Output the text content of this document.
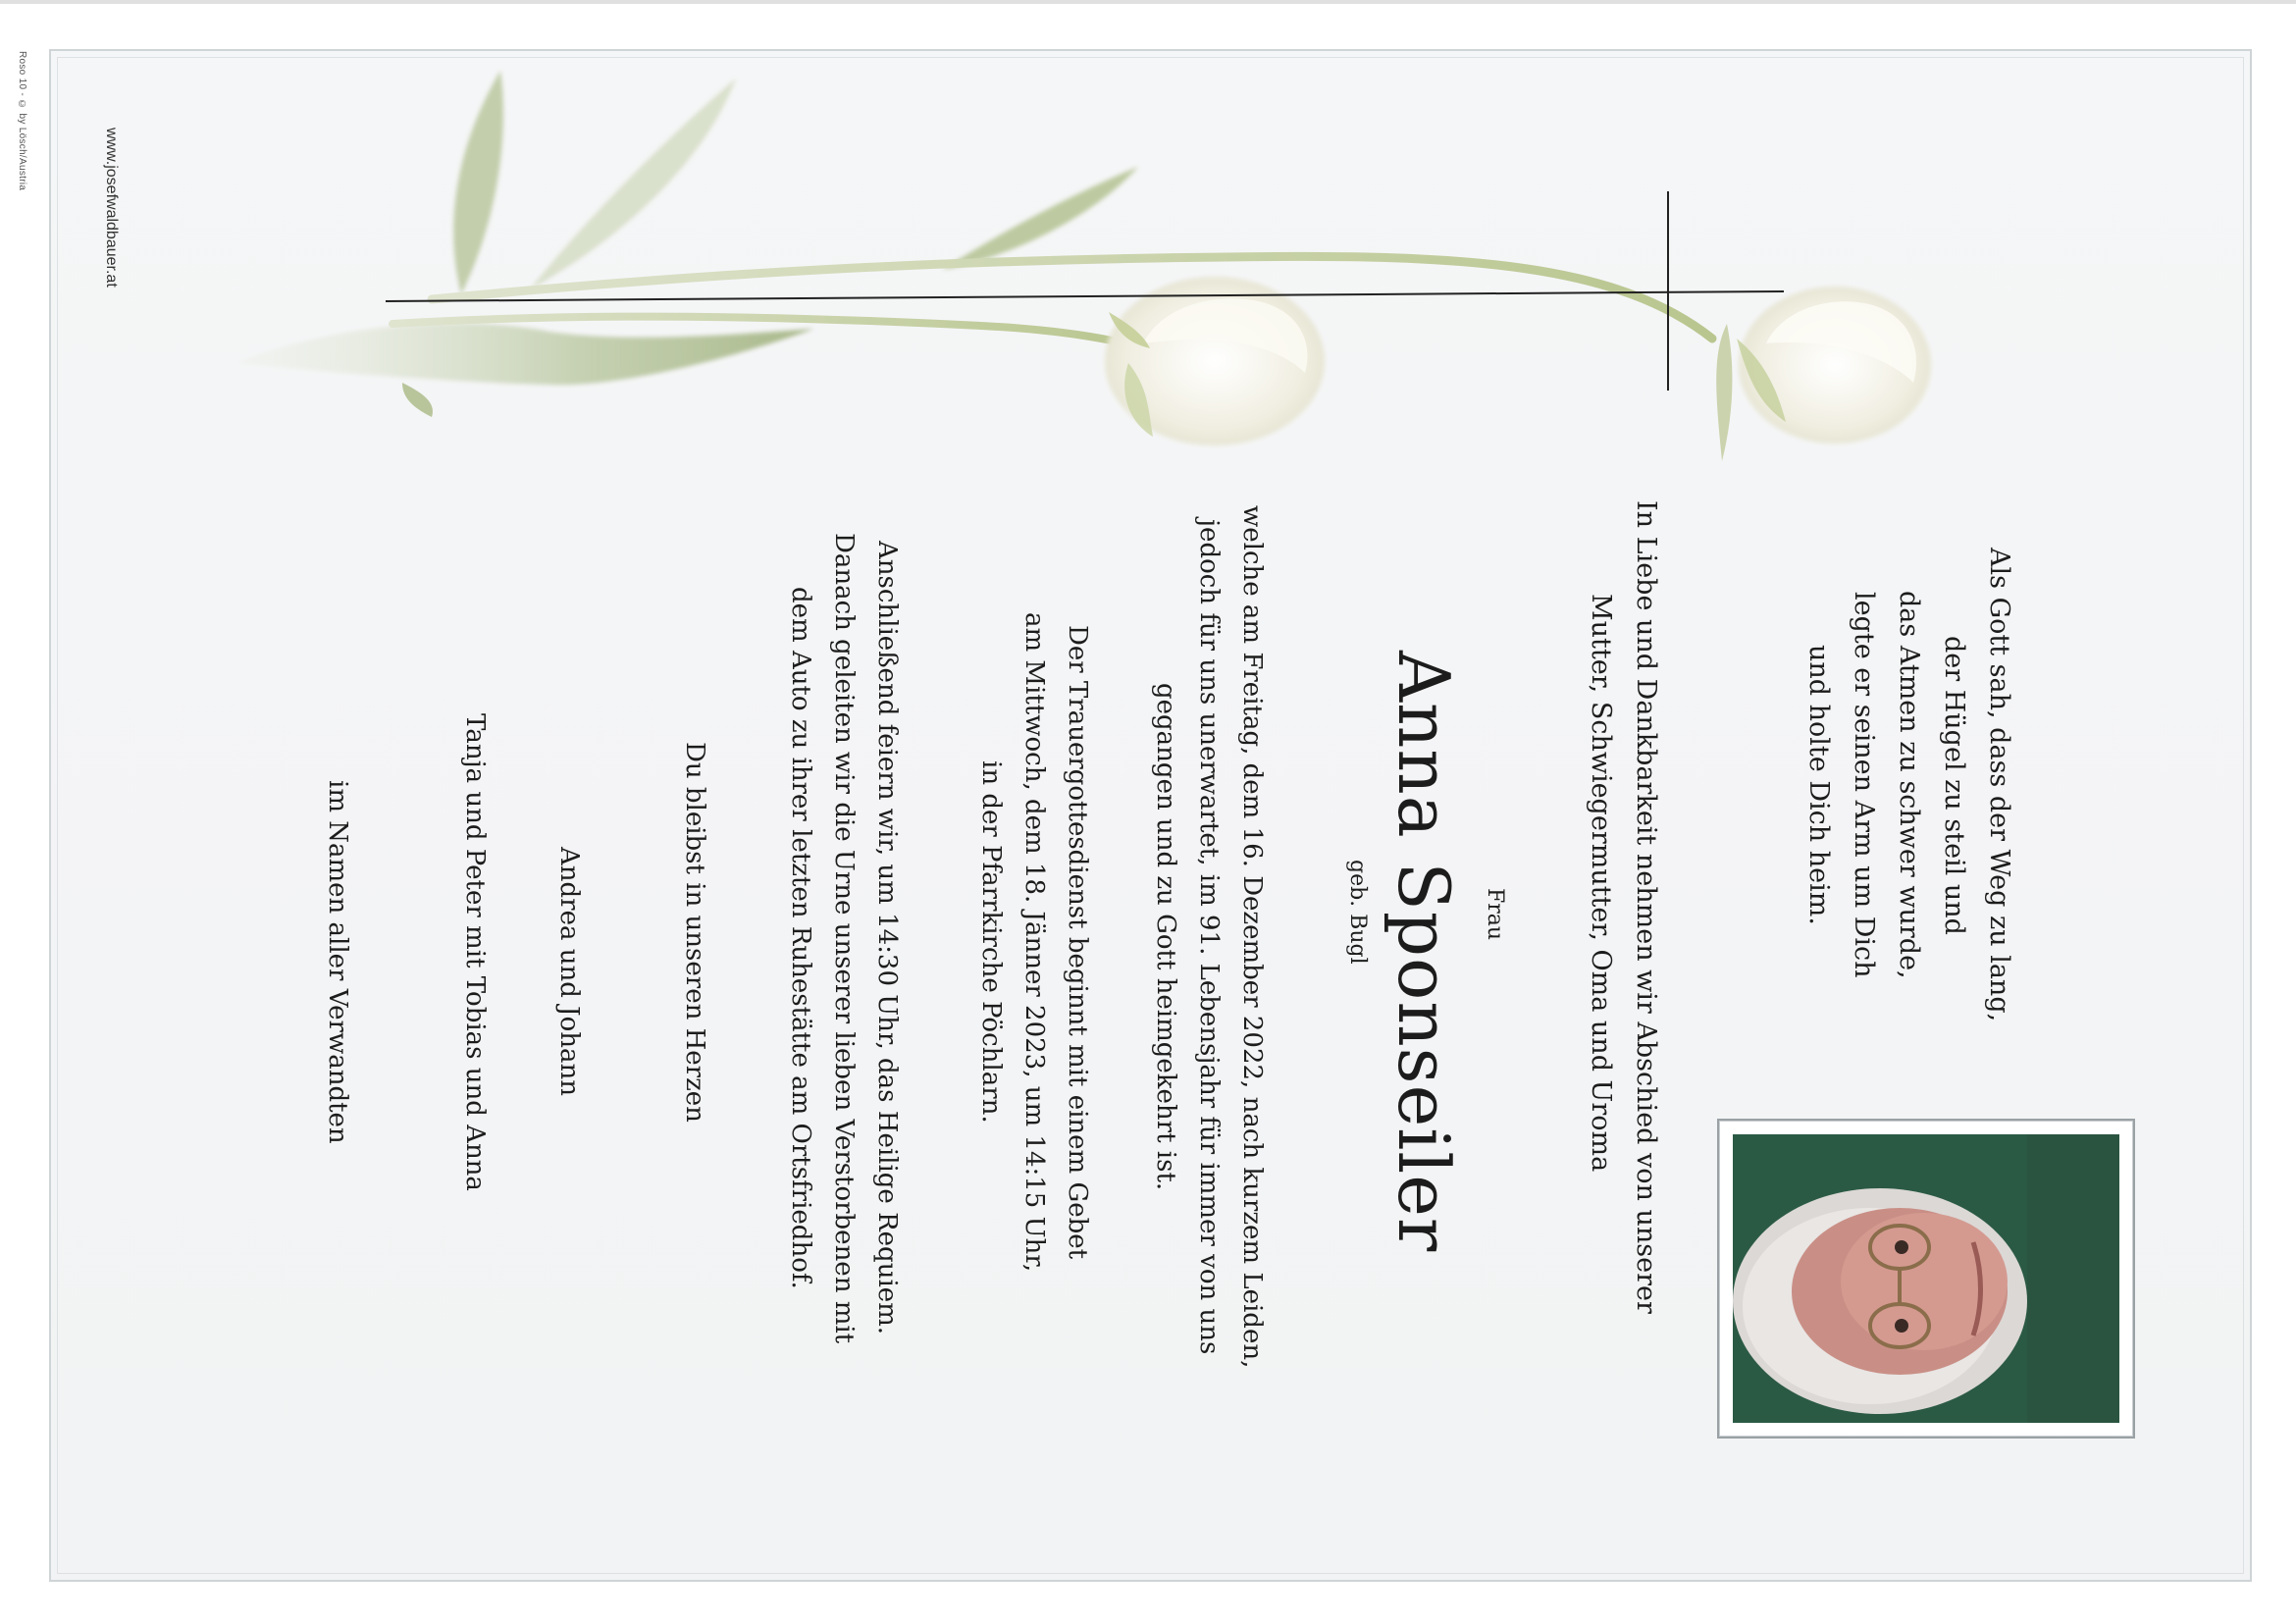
Roso 10 - © by Lösch/Austria
www.josefwaldbauer.at
Als Gott sah, dass der Weg zu lang,
der Hügel zu steil und
das Atmen zu schwer wurde,
legte er seinen Arm um Dich
und holte Dich heim.
In Liebe und Dankbarkeit nehmen wir Abschied von unserer
Mutter, Schwiegermutter, Oma und Uroma
Frau
Anna Sponseiler
geb. Bugl
welche am Freitag, dem 16. Dezember 2022, nach kurzem Leiden,
jedoch für uns unerwartet, im 91. Lebensjahr für immer von uns
gegangen und zu Gott heimgekehrt ist.
Der Trauergottesdienst beginnt mit einem Gebet
am Mittwoch, dem 18. Jänner 2023, um 14:15 Uhr,
in der Pfarrkirche Pöchlarn.
Anschließend feiern wir, um 14:30 Uhr, das Heilige Requiem.
Danach geleiten wir die Urne unserer lieben Verstorbenen mit
dem Auto zu ihrer letzten Ruhestätte am Ortsfriedhof.
Du bleibst in unseren Herzen
Andrea und Johann
Tanja und Peter mit Tobias und Anna
im Namen aller Verwandten
